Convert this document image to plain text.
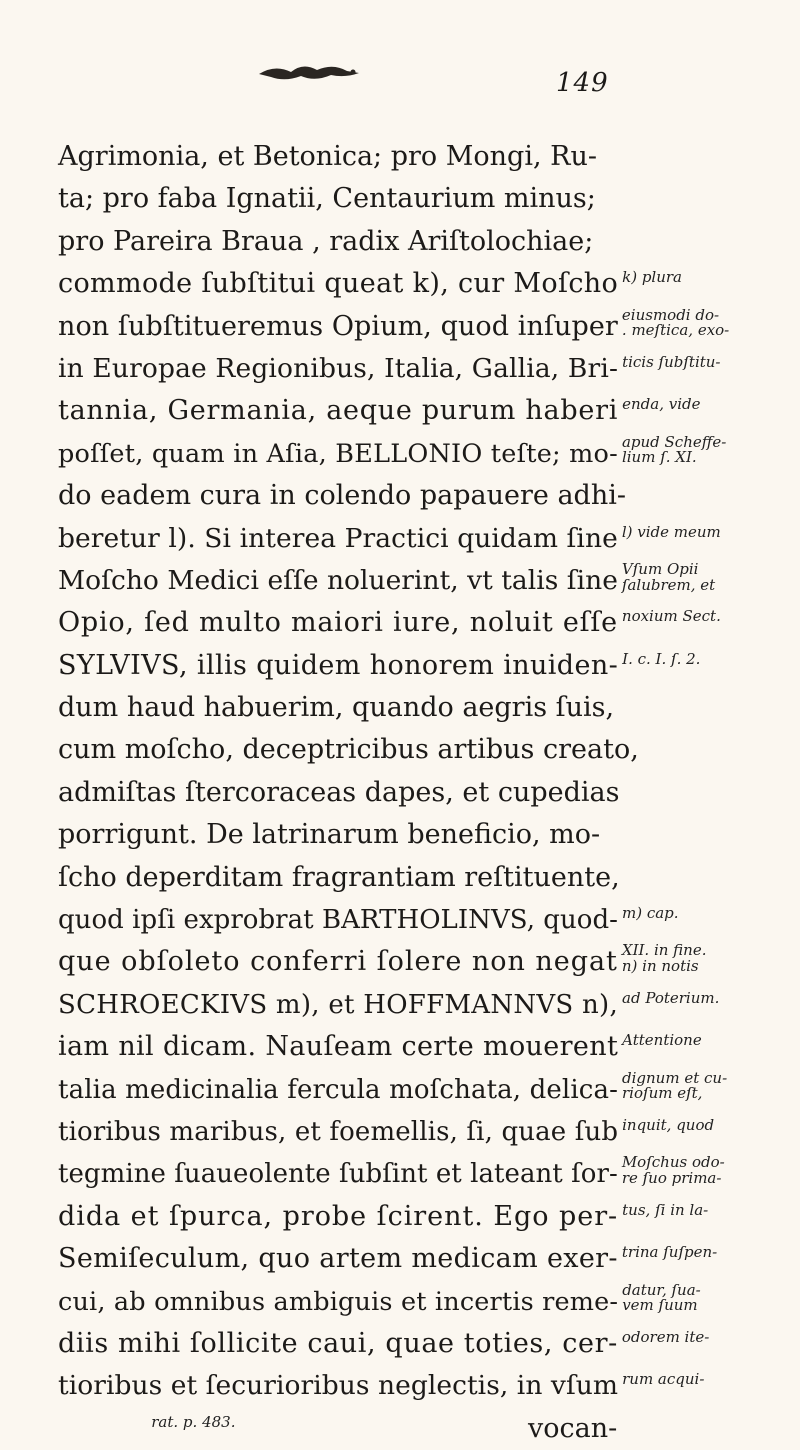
149
Agrimonia, et Betonica; pro Mongi, Ru-
ta; pro faba Ignatii, Centaurium minus;
pro Pareira Braua , radix Ariſtolochiae;
commode ſubſtitui queat k), cur Moſcho k) plura
non ſubſtitueremus Opium, quod inſuper eiusmodi do-
. meſtica, exo-
in Europae Regionibus, Italia, Gallia, Bri- ticis ſubſtitu-
tannia, Germania, aeque purum haberi enda, vide
poſſet, quam in Aſia, BELLONIO teſte; mo- apud Scheffe-
lium ſ. XI.
do eadem cura in colendo papauere adhi-
beretur l). Si interea Practici quidam ſine l) vide meum
Moſcho Medici eſſe noluerint, vt talis ſine Vſum Opii
ſalubrem, et
Opio, ſed multo maiori iure, noluit eſſe noxium Sect.
SYLVIVS, illis quidem honorem inuiden- I. c. I. ſ. 2.
dum haud habuerim, quando aegris ſuis,
cum moſcho, deceptricibus artibus creato,
admiſtas ſtercoraceas dapes, et cupedias
porrigunt. De latrinarum beneficio, mo-
ſcho deperditam fragrantiam reſtituente,
quod ipſi exprobrat BARTHOLINVS, quod- m) cap.
que obſoleto conferri ſolere non negat XII. in fine.
n) in notis
SCHROECKIVS m), et HOFFMANNVS n), ad Poterium.
iam nil dicam. Nauſeam certe mouerent Attentione
talia medicinalia fercula moſchata, delica- dignum et cu-
rioſum eſt,
tioribus maribus, et foemellis, ſi, quae ſub inquit, quod
tegmine ſuaueolente ſubſint et lateant ſor- Moſchus odo-
re ſuo prima-
dida et ſpurca, probe ſcirent. Ego per- tus, ſi in la-
Semiſeculum, quo artem medicam exer- trina ſuſpen-
cui, ab omnibus ambiguis et incertis reme- datur, ſua-
vem ſuum
diis mihi ſollicite caui, quae toties, cer- odorem ite-
tioribus et ſecurioribus neglectis, in vſum rum acqui-
vocan-
rat. p. 483.
